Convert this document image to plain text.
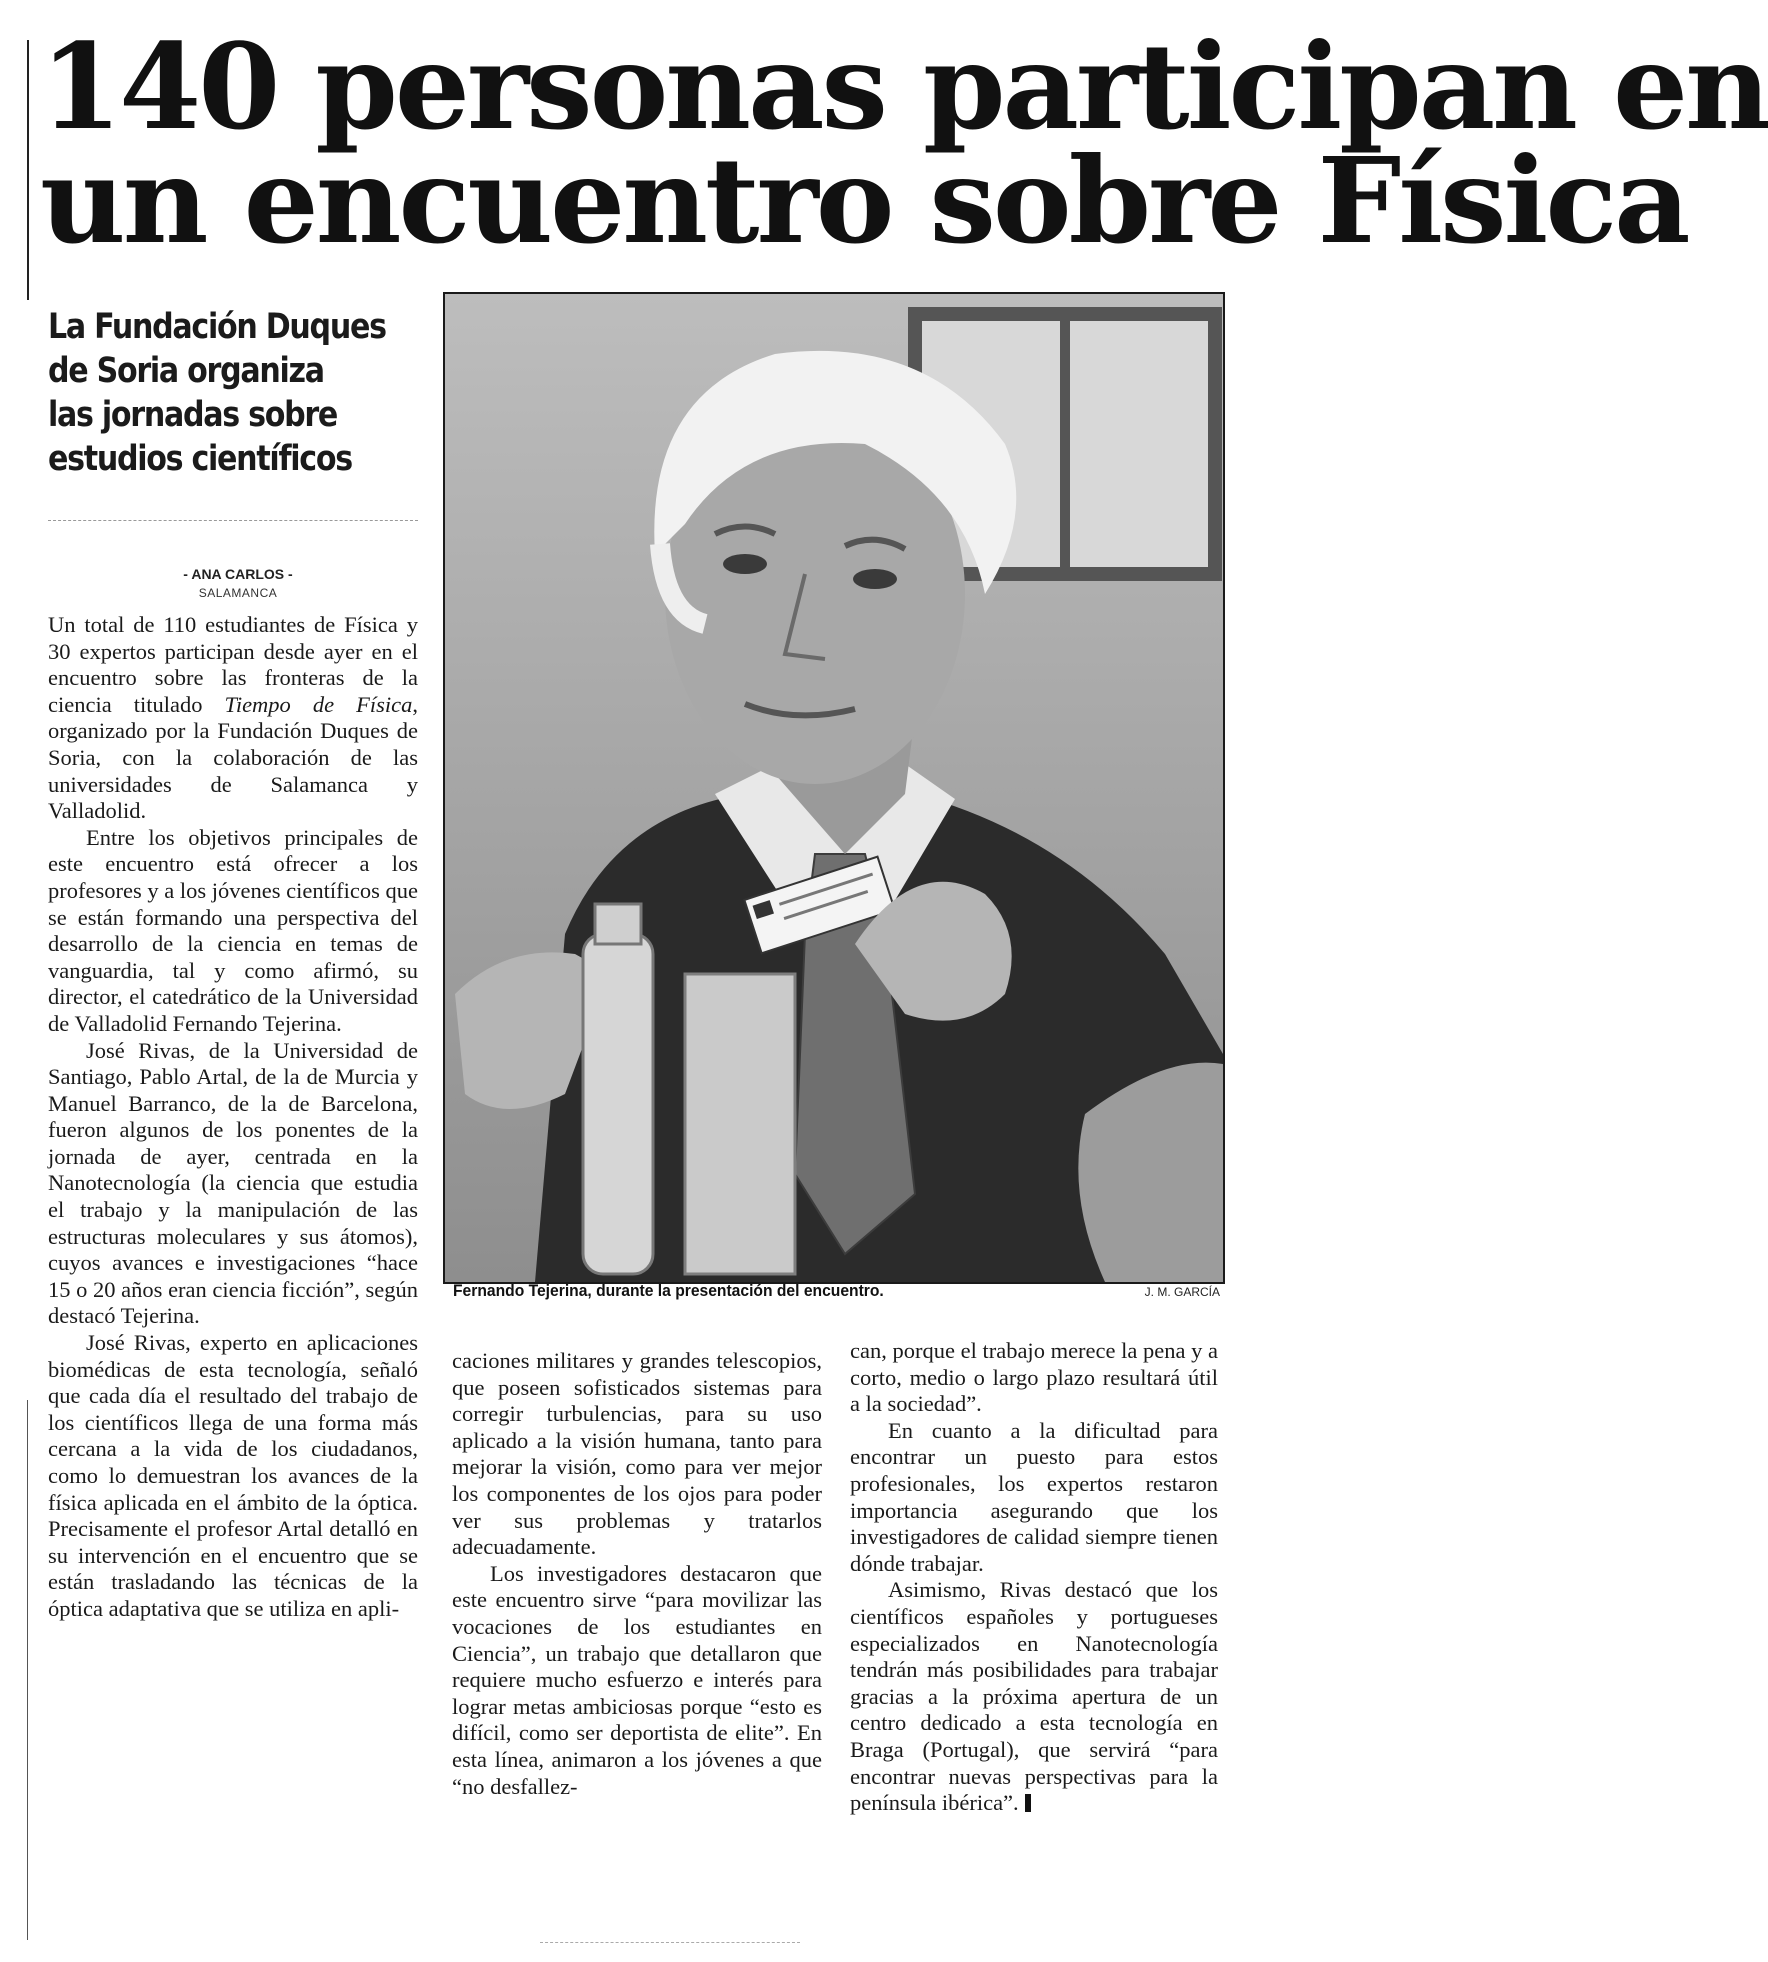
140 personas participan en
un encuentro sobre Física
La Fundación Duques
de Soria organiza
las jornadas sobre
estudios científicos
- ANA CARLOS -
SALAMANCA

Un total de 110 estudiantes de Física y 30 expertos participan desde ayer en el encuentro sobre las fronteras de la ciencia titulado Tiempo de Física, organizado por la Fundación Duques de Soria, con la colaboración de las universidades de Salamanca y Valladolid.

Entre los objetivos principales de este encuentro está ofrecer a los profesores y a los jóvenes científicos que se están formando una perspectiva del desarrollo de la ciencia en temas de vanguardia, tal y como afirmó, su director, el catedrático de la Universidad de Valladolid Fernando Tejerina.

José Rivas, de la Universidad de Santiago, Pablo Artal, de la de Murcia y Manuel Barranco, de la de Barcelona, fueron algunos de los ponentes de la jornada de ayer, centrada en la Nanotecnología (la ciencia que estudia el trabajo y la manipulación de las estructuras moleculares y sus átomos), cuyos avances e investigaciones “hace 15 o 20 años eran ciencia ficción”, según destacó Tejerina.

José Rivas, experto en aplicaciones biomédicas de esta tecnología, señaló que cada día el resultado del trabajo de los científicos llega de una forma más cercana a la vida de los ciudadanos, como lo demuestran los avances de la física aplicada en el ámbito de la óptica. Precisamente el profesor Artal detalló en su intervención en el encuentro que se están trasladando las técnicas de la óptica adaptativa que se utiliza en apli-

Fernando Tejerina, durante la presentación del encuentro.	J. M. GARCÍA

caciones militares y grandes telescopios, que poseen sofisticados sistemas para corregir turbulencias, para su uso aplicado a la visión humana, tanto para mejorar la visión, como para ver mejor los componentes de los ojos para poder ver sus problemas y tratarlos adecuadamente.

Los investigadores destacaron que este encuentro sirve “para movilizar las vocaciones de los estudiantes en Ciencia”, un trabajo que detallaron que requiere mucho esfuerzo e interés para lograr metas ambiciosas porque “esto es difícil, como ser deportista de elite”. En esta línea, animaron a los jóvenes a que “no desfallez-

can, porque el trabajo merece la pena y a corto, medio o largo plazo resultará útil a la sociedad”.

En cuanto a la dificultad para encontrar un puesto para estos profesionales, los expertos restaron importancia asegurando que los investigadores de calidad siempre tienen dónde trabajar.

Asimismo, Rivas destacó que los científicos españoles y portugueses especializados en Nanotecnología tendrán más posibilidades para trabajar gracias a la próxima apertura de un centro dedicado a esta tecnología en Braga (Portugal), que servirá “para encontrar nuevas perspectivas para la península ibérica”.
